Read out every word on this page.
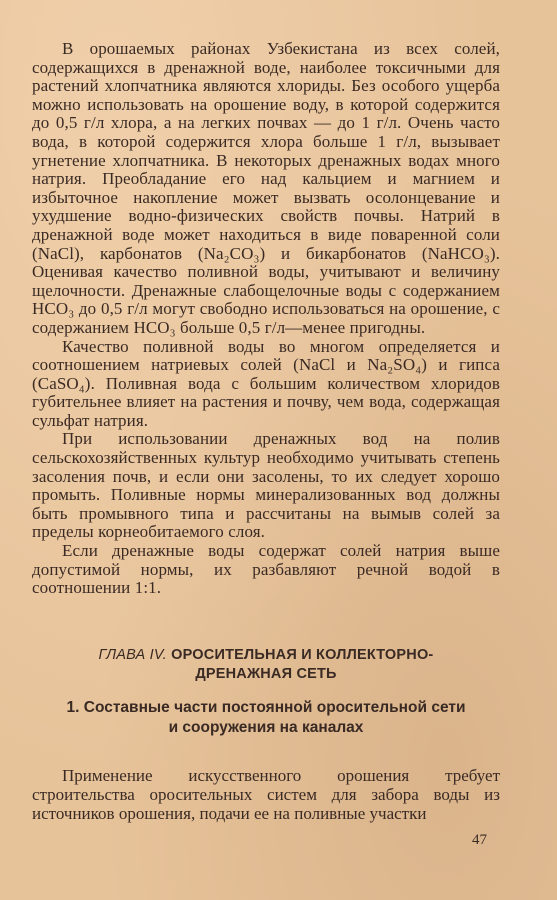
В орошаемых районах Узбекистана из всех солей, содержащихся в дренажной воде, наиболее токсичными для растений хлопчатника являются хлориды. Без особого ущерба можно использовать на орошение воду, в которой содержится до 0,5 г/л хлора, а на легких почвах — до 1 г/л. Очень часто вода, в которой содержится хлора больше 1 г/л, вызывает угнетение хлопчатника. В некоторых дренажных водах много натрия. Преобладание его над кальцием и магнием и избыточное накопление может вызвать осолонцевание и ухудшение водно-физических свойств почвы. Натрий в дренажной воде может находиться в виде поваренной соли (NaCl), карбонатов (Na₂CO₃) и бикарбонатов (NaHCO₃). Оценивая качество поливной воды, учитывают и величину щелочности. Дренажные слабощелочные воды с содержанием HCO₃ до 0,5 г/л могут свободно использоваться на орошение, с содержанием HCO₃ больше 0,5 г/л—менее пригодны.

Качество поливной воды во многом определяется и соотношением натриевых солей (NaCl и Na₂SO₄) и гипса (CaSO₄). Поливная вода с большим количеством хлоридов губительнее влияет на растения и почву, чем вода, содержащая сульфат натрия.

При использовании дренажных вод на полив сельскохозяйственных культур необходимо учитывать степень засоления почв, и если они засолены, то их следует хорошо промыть. Поливные нормы минерализованных вод должны быть промывного типа и рассчитаны на вымыв солей за пределы корнеобитаемого слоя.

Если дренажные воды содержат солей натрия выше допустимой нормы, их разбавляют речной водой в соотношении 1:1.

ГЛАВА IV. ОРОСИТЕЛЬНАЯ И КОЛЛЕКТОРНО-
ДРЕНАЖНАЯ СЕТЬ
1. Составные части постоянной оросительной сети
и сооружения на каналах

Применение искусственного орошения требует строительства оросительных систем для забора воды из источников орошения, подачи ее на поливные участки

47
